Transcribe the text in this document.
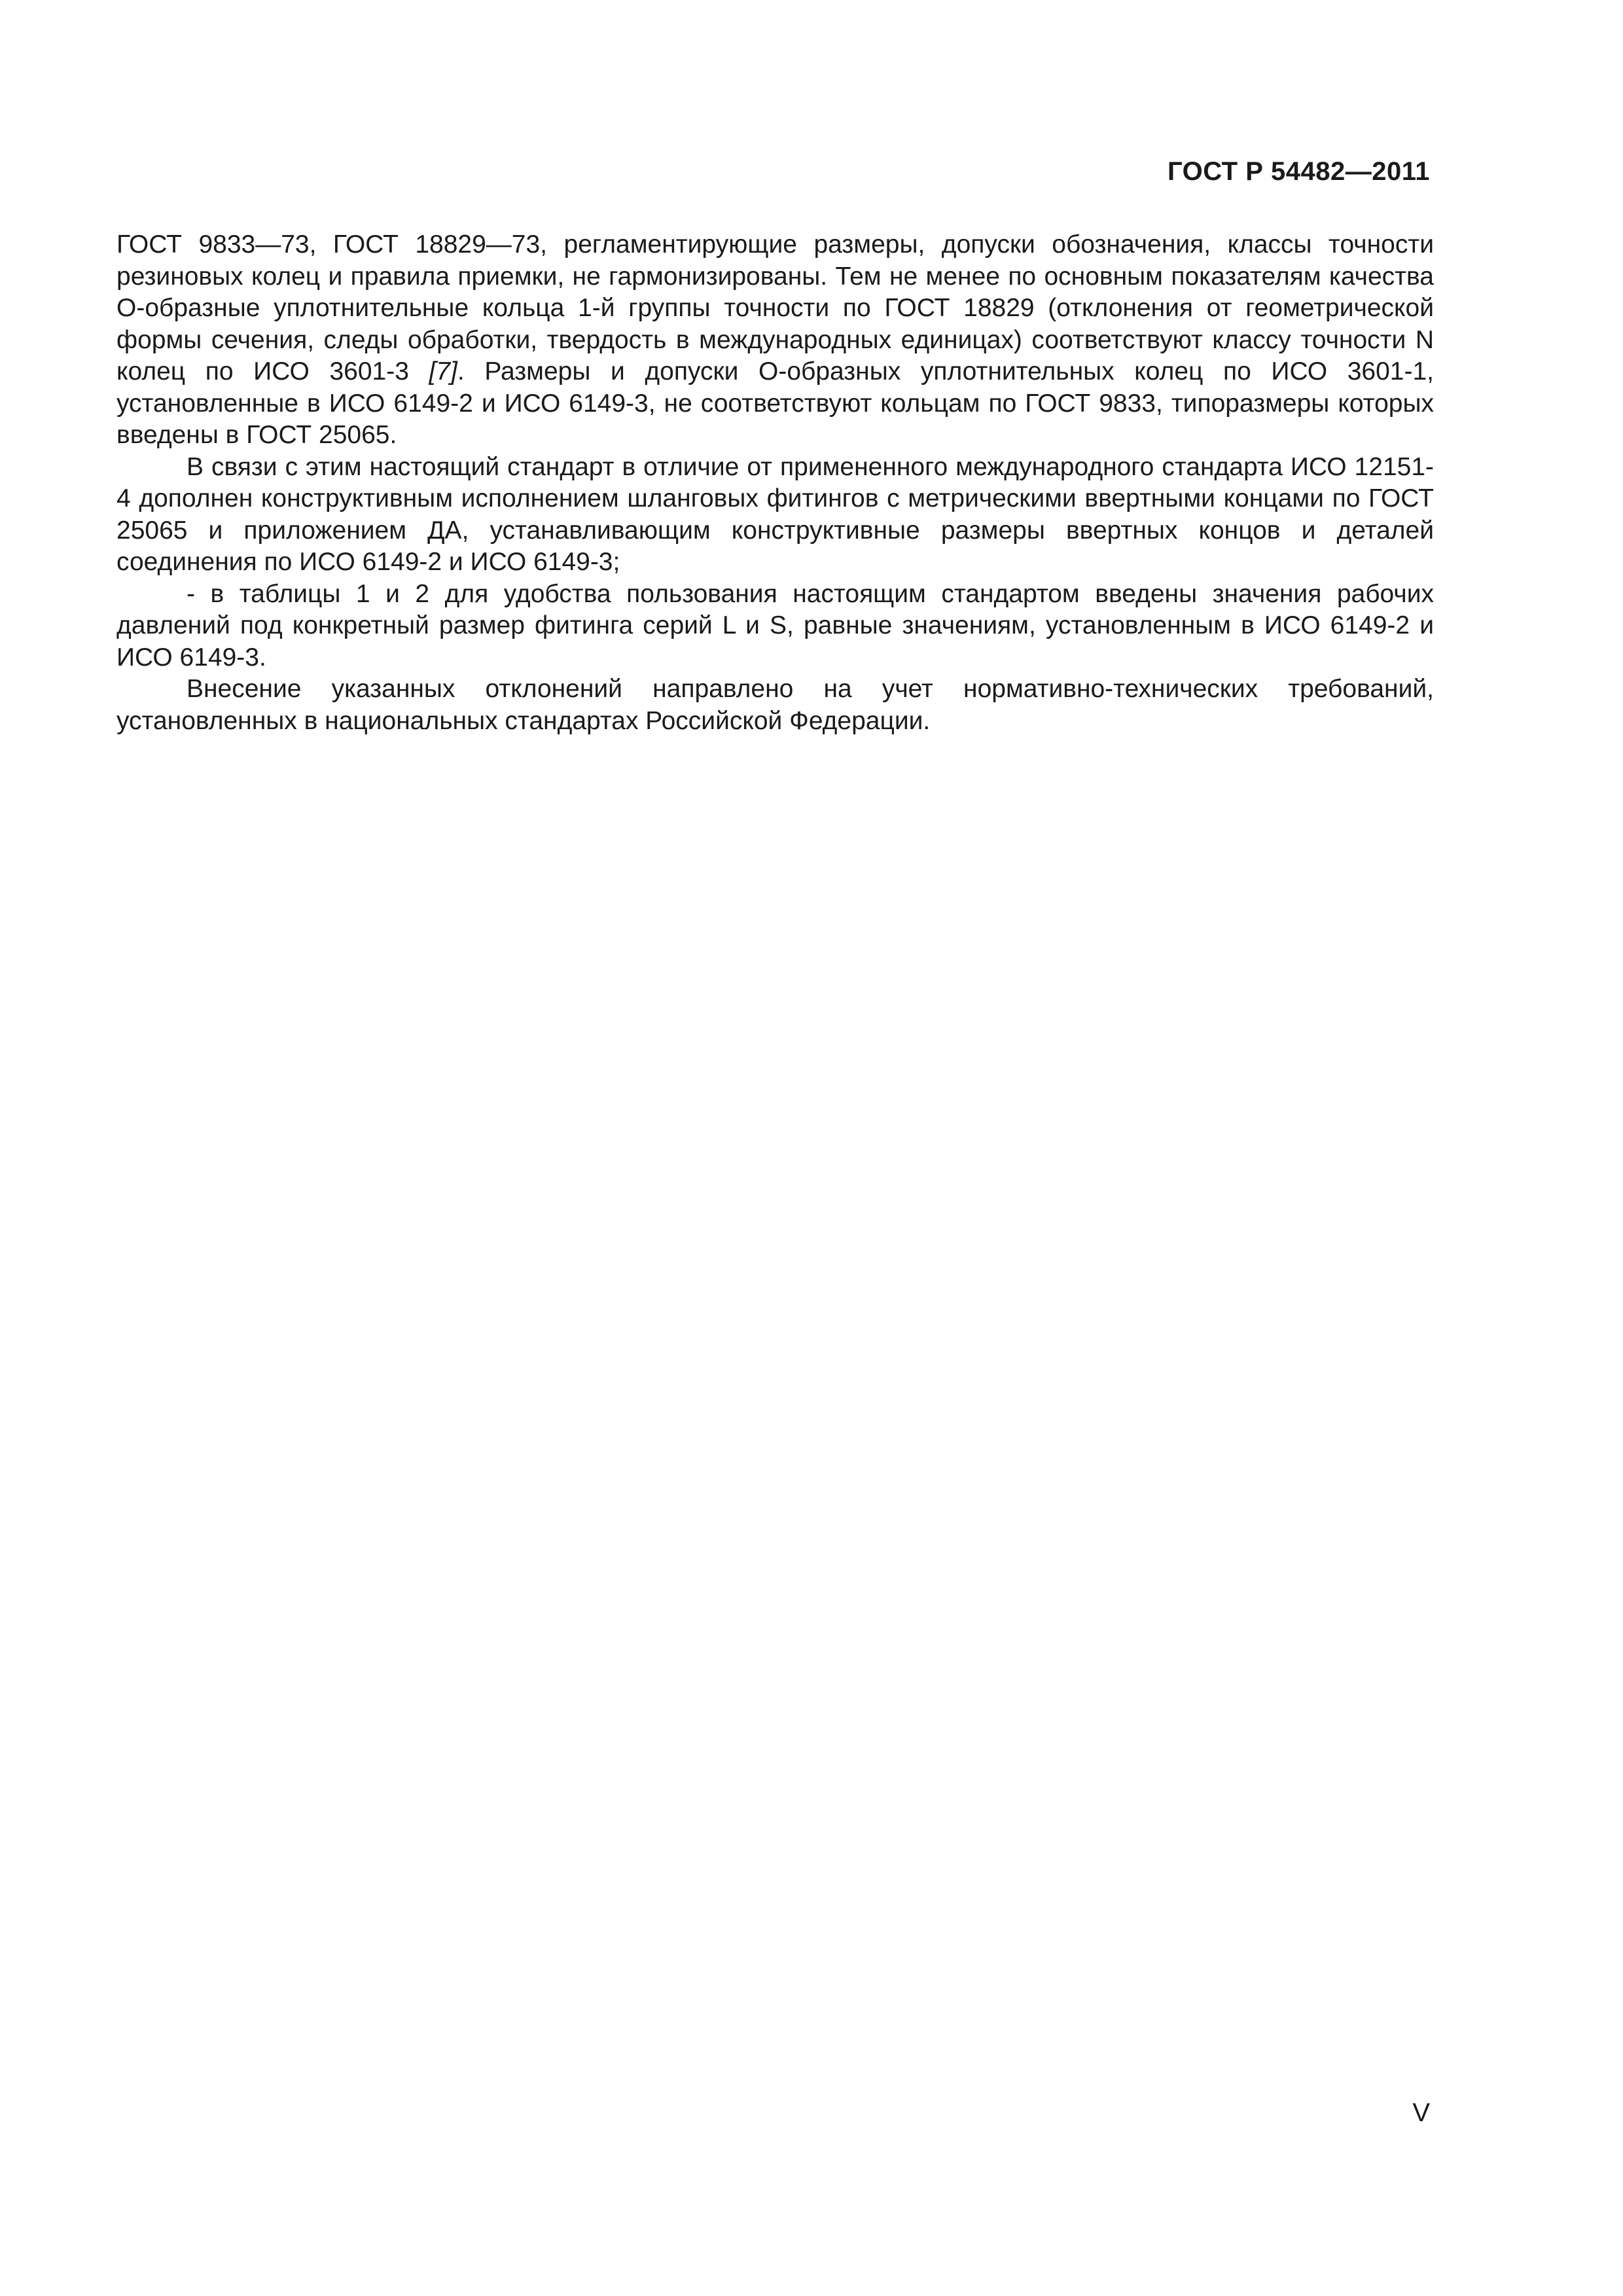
ГОСТ Р 54482—2011

ГОСТ 9833—73, ГОСТ 18829—73, регламентирующие размеры, допуски обозначения, классы точности резиновых колец и правила приемки, не гармонизированы. Тем не менее по основным показателям качества О-образные уплотнительные кольца 1-й группы точности по ГОСТ 18829 (отклонения от геометрической формы сечения, следы обработки, твердость в международных единицах) соответствуют классу точности N колец по ИСО 3601-3 [7]. Размеры и допуски О-образных уплотнительных колец по ИСО 3601-1, установленные в ИСО 6149-2 и ИСО 6149-3, не соответствуют кольцам по ГОСТ 9833, типоразмеры которых введены в ГОСТ 25065.

В связи с этим настоящий стандарт в отличие от примененного международного стандарта ИСО 12151-4 дополнен конструктивным исполнением шланговых фитингов с метрическими ввертными концами по ГОСТ 25065 и приложением ДА, устанавливающим конструктивные размеры ввертных концов и деталей соединения по ИСО 6149-2 и ИСО 6149-3;

- в таблицы 1 и 2 для удобства пользования настоящим стандартом введены значения рабочих давлений под конкретный размер фитинга серий L и S, равные значениям, установленным в ИСО 6149-2 и ИСО 6149-3.

Внесение указанных отклонений направлено на учет нормативно-технических требований, установленных в национальных стандартах Российской Федерации.

V
